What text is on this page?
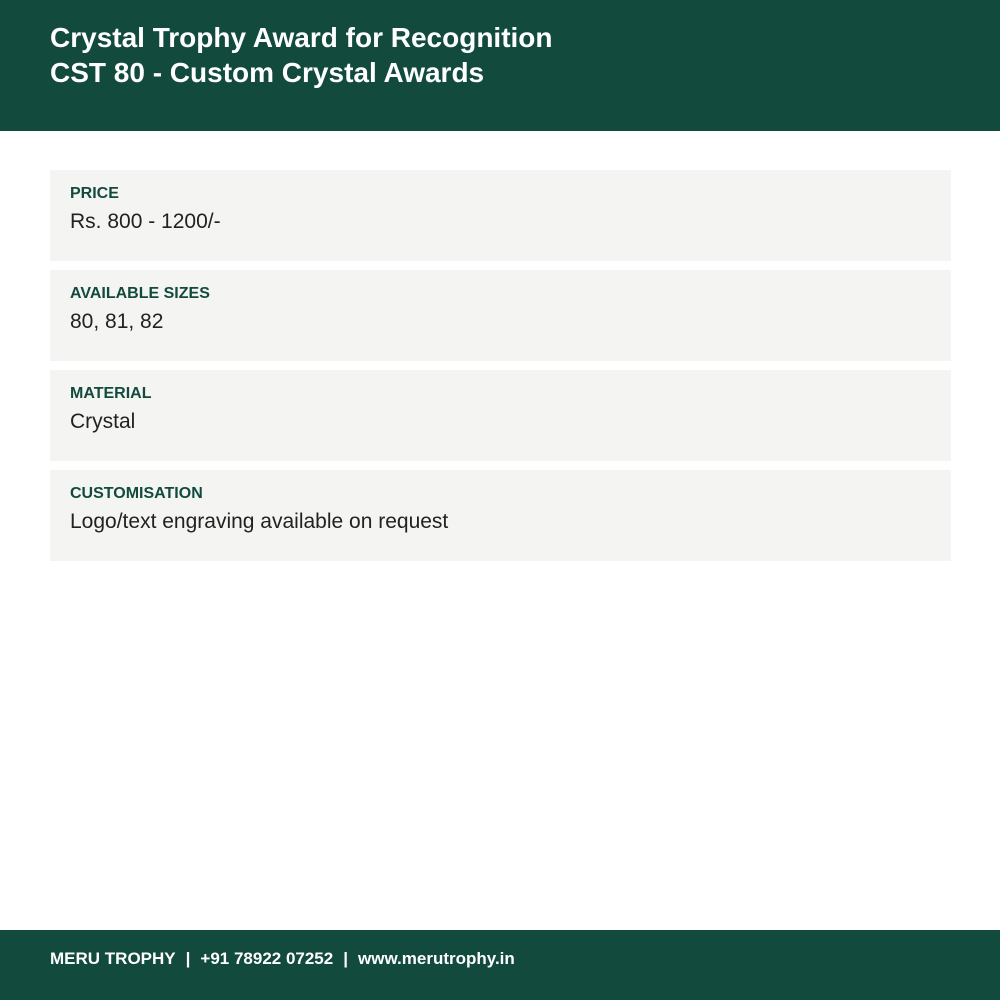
Crystal Trophy Award for Recognition
CST 80 - Custom Crystal Awards
PRICE
Rs. 800 - 1200/-
AVAILABLE SIZES
80, 81, 82
MATERIAL
Crystal
CUSTOMISATION
Logo/text engraving available on request
MERU TROPHY | +91 78922 07252 | www.merutrophy.in
